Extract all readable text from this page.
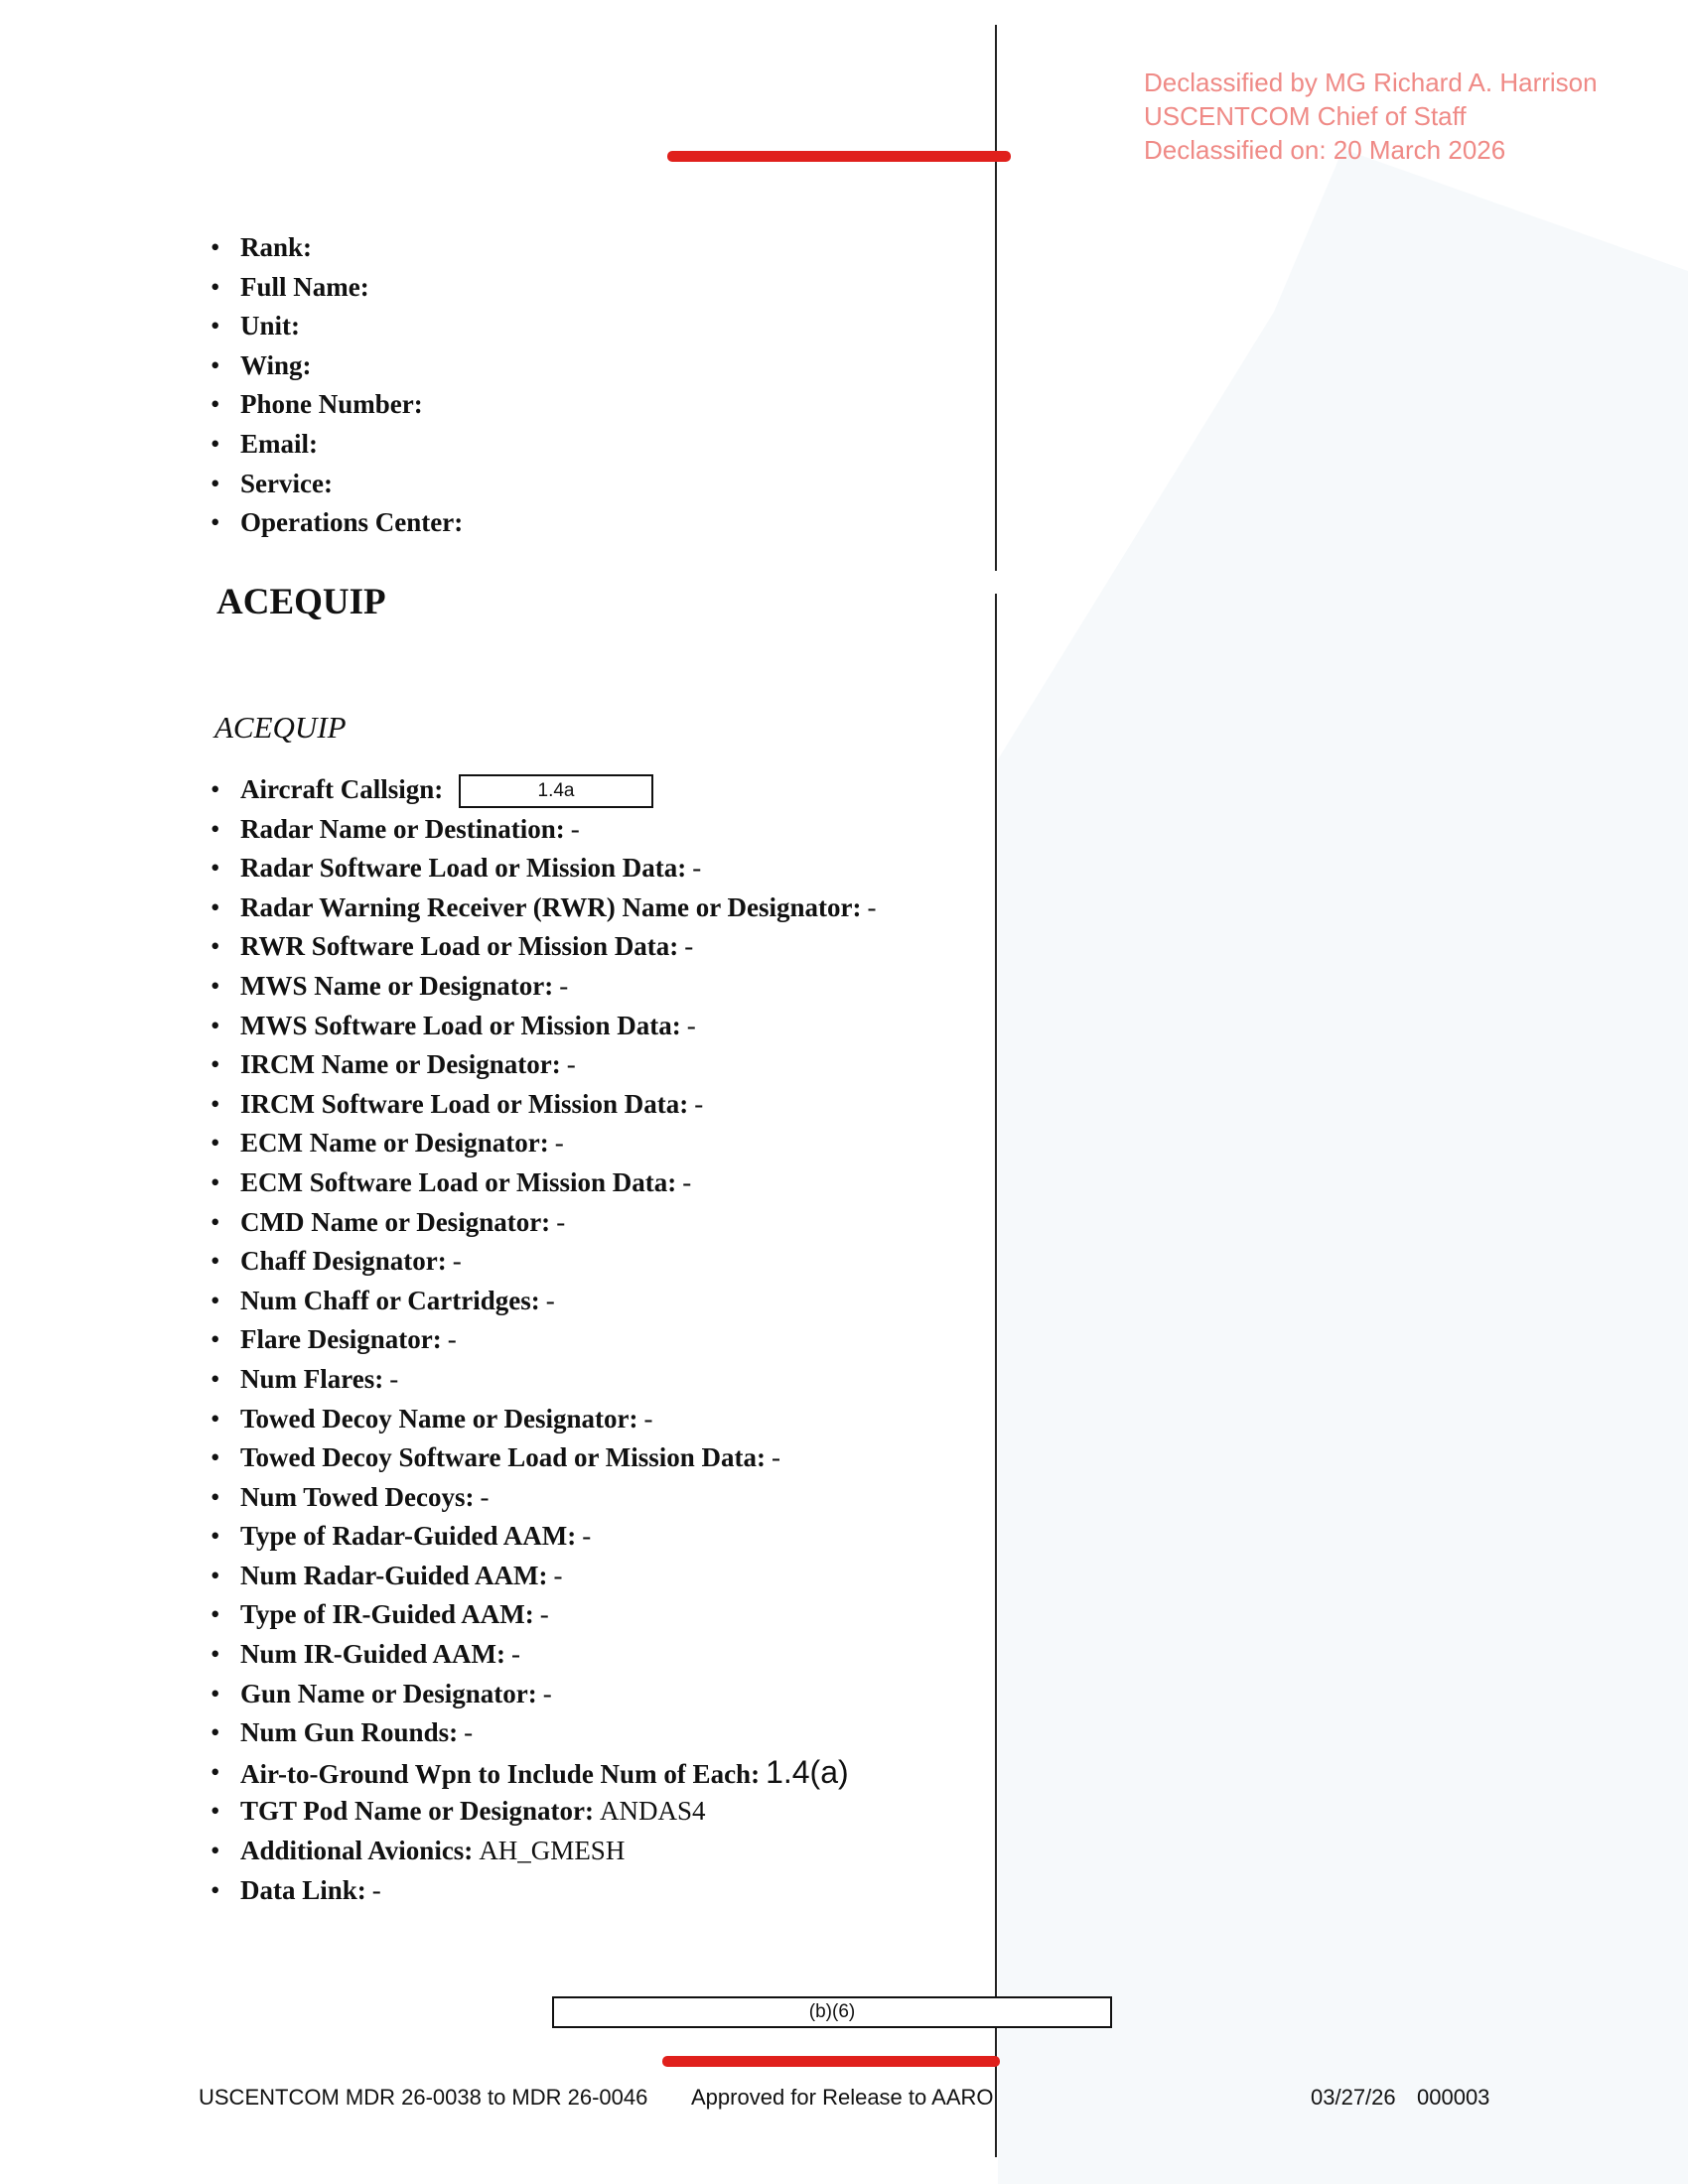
Declassified by MG Richard A. Harrison
USCENTCOM Chief of Staff
Declassified on: 20 March 2026
• Rank:
• Full Name:
• Unit:
• Wing:
• Phone Number:
• Email:
• Service:
• Operations Center:
ACEQUIP
ACEQUIP
• Aircraft Callsign:
• Radar Name or Destination: -
• Radar Software Load or Mission Data: -
• Radar Warning Receiver (RWR) Name or Designator: -
• RWR Software Load or Mission Data: -
• MWS Name or Designator: -
• MWS Software Load or Mission Data: -
• IRCM Name or Designator: -
• IRCM Software Load or Mission Data: -
• ECM Name or Designator: -
• ECM Software Load or Mission Data: -
• CMD Name or Designator: -
• Chaff Designator: -
• Num Chaff or Cartridges: -
• Flare Designator: -
• Num Flares: -
• Towed Decoy Name or Designator: -
• Towed Decoy Software Load or Mission Data: -
• Num Towed Decoys: -
• Type of Radar-Guided AAM: -
• Num Radar-Guided AAM: -
• Type of IR-Guided AAM: -
• Num IR-Guided AAM: -
• Gun Name or Designator: -
• Num Gun Rounds: -
• Air-to-Ground Wpn to Include Num of Each: 1.4(a)
• TGT Pod Name or Designator: ANDAS4
• Additional Avionics: AH_GMESH
• Data Link: -
1.4a
(b)(6)
USCENTCOM MDR 26-0038 to MDR 26-0046 Approved for Release to AARO	03/27/26 000003
